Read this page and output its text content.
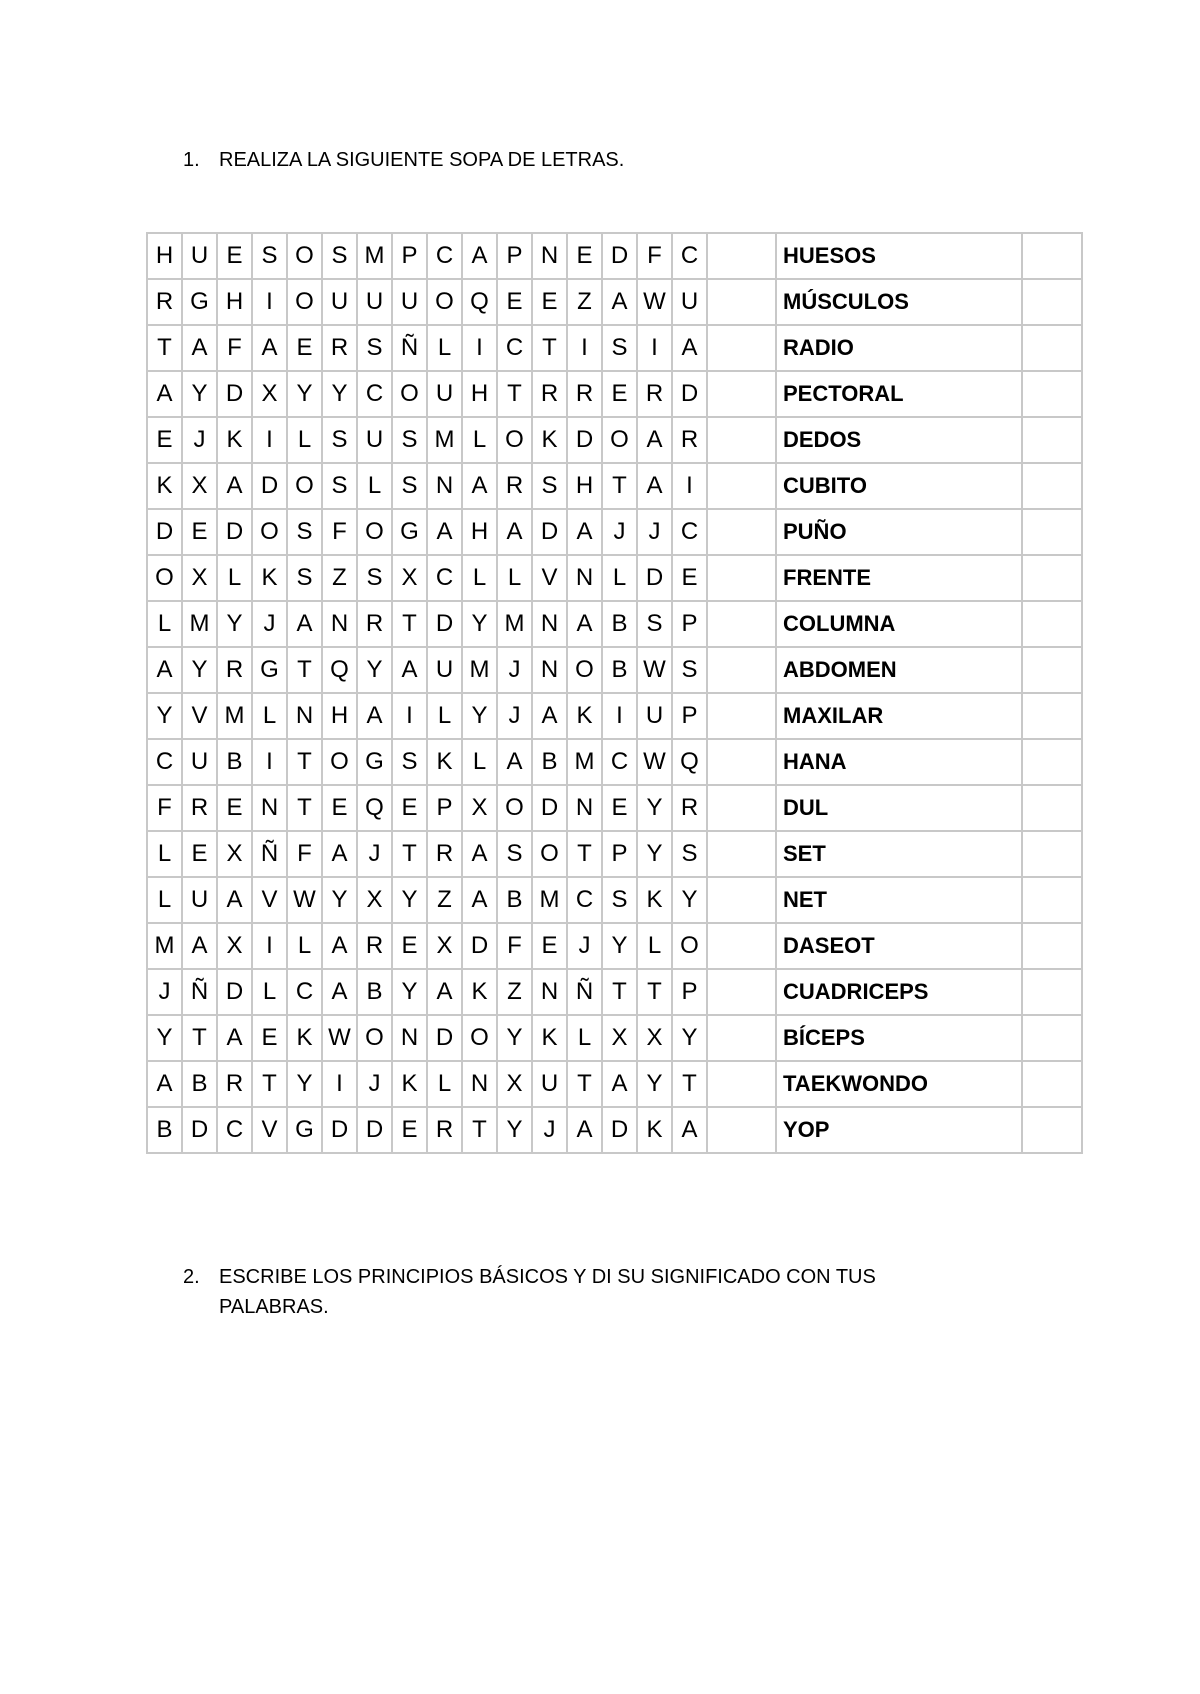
1. REALIZA LA SIGUIENTE SOPA DE LETRAS.
H	U	E	S	O	S	M	P	C	A	P	N	E	D	F	C		HUESOS	
R	G	H	I	O	U	U	U	O	Q	E	E	Z	A	W	U		MÚSCULOS	
T	A	F	A	E	R	S	Ñ	L	I	C	T	I	S	I	A		RADIO	
A	Y	D	X	Y	Y	C	O	U	H	T	R	R	E	R	D		PECTORAL	
E	J	K	I	L	S	U	S	M	L	O	K	D	O	A	R		DEDOS	
K	X	A	D	O	S	L	S	N	A	R	S	H	T	A	I		CUBITO	
D	E	D	O	S	F	O	G	A	H	A	D	A	J	J	C		PUÑO	
O	X	L	K	S	Z	S	X	C	L	L	V	N	L	D	E		FRENTE	
L	M	Y	J	A	N	R	T	D	Y	M	N	A	B	S	P		COLUMNA	
A	Y	R	G	T	Q	Y	A	U	M	J	N	O	B	W	S		ABDOMEN	
Y	V	M	L	N	H	A	I	L	Y	J	A	K	I	U	P		MAXILAR	
C	U	B	I	T	O	G	S	K	L	A	B	M	C	W	Q		HANA	
F	R	E	N	T	E	Q	E	P	X	O	D	N	E	Y	R		DUL	
L	E	X	Ñ	F	A	J	T	R	A	S	O	T	P	Y	S		SET	
L	U	A	V	W	Y	X	Y	Z	A	B	M	C	S	K	Y		NET	
M	A	X	I	L	A	R	E	X	D	F	E	J	Y	L	O		DASEOT	
J	Ñ	D	L	C	A	B	Y	A	K	Z	N	Ñ	T	T	P		CUADRICEPS	
Y	T	A	E	K	W	O	N	D	O	Y	K	L	X	X	Y		BÍCEPS	
A	B	R	T	Y	I	J	K	L	N	X	U	T	A	Y	T		TAEKWONDO	
B	D	C	V	G	D	D	E	R	T	Y	J	A	D	K	A		YOP	
2. ESCRIBE LOS PRINCIPIOS BÁSICOS Y DI SU SIGNIFICADO CON TUS PALABRAS.
